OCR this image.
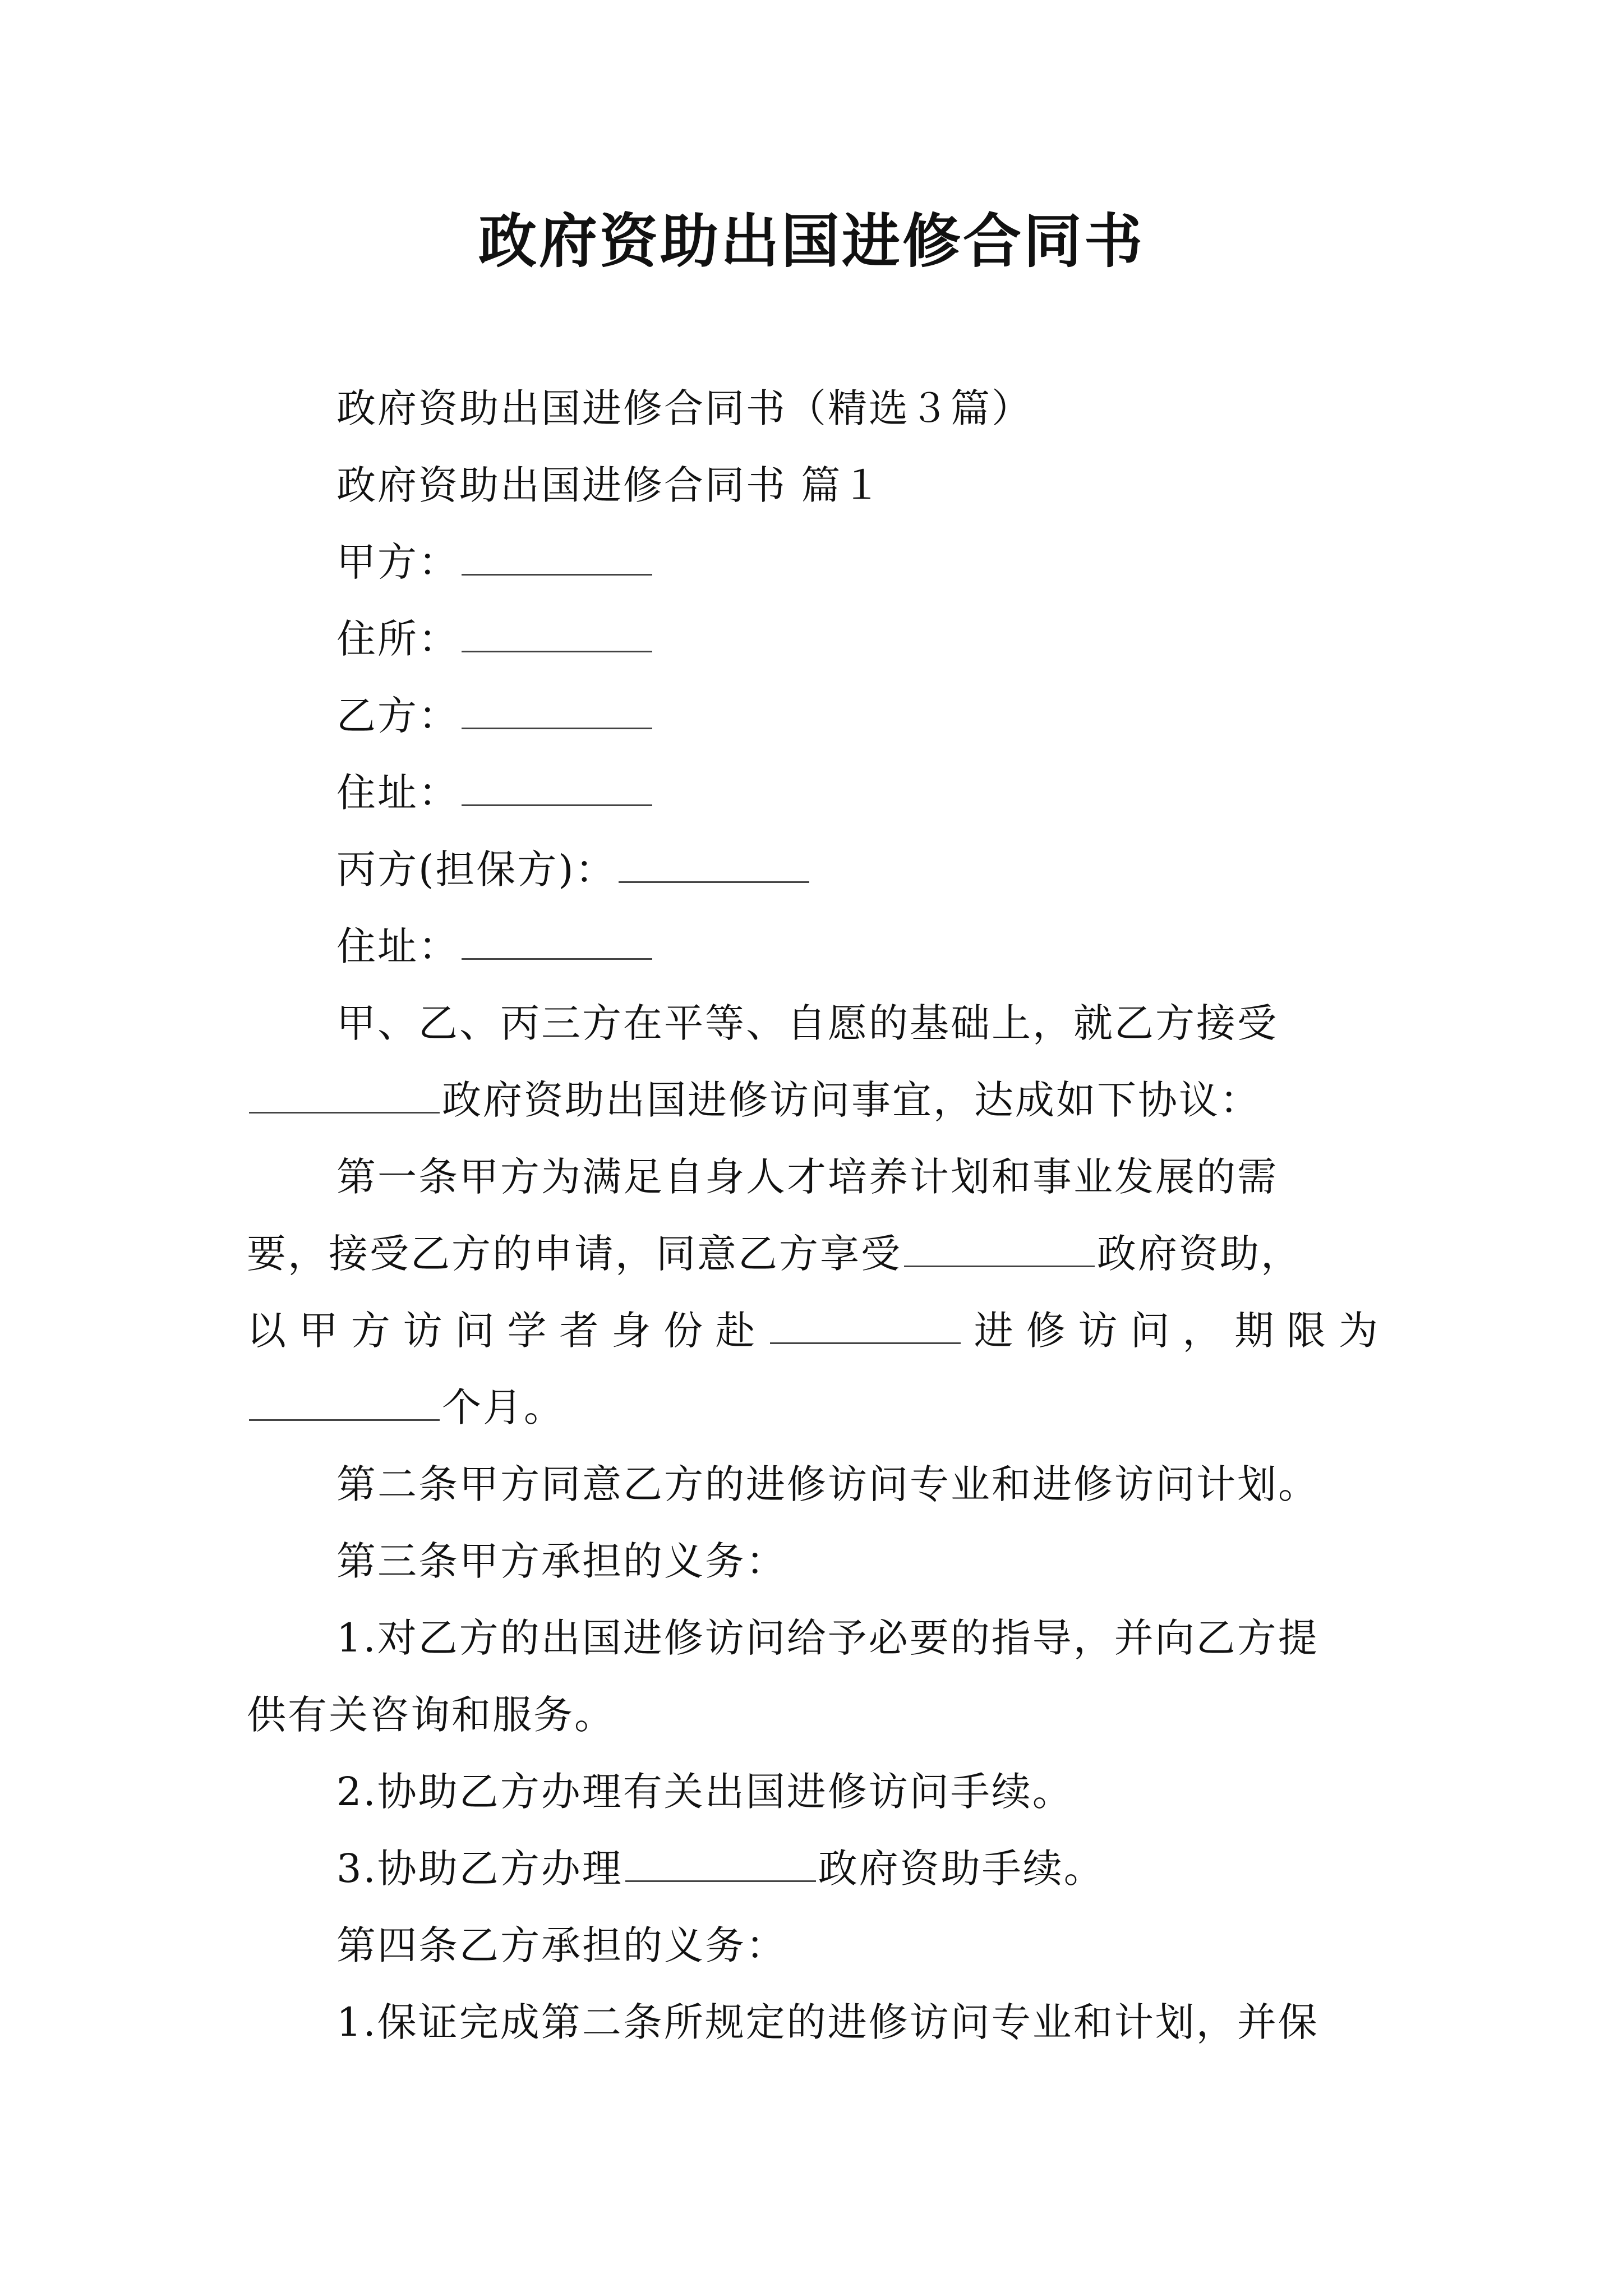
政府资助出国进修合同书

政府资助出国进修合同书（精选３篇）

政府资助出国进修合同书 篇１

甲方：

住所：

乙方：

住址：

丙方(担保方)：

住址：

甲、乙、丙三方在平等、自愿的基础上，就乙方接受

政府资助出国进修访问事宜，达成如下协议：

第一条甲方为满足自身人才培养计划和事业发展的需

要，接受乙方的申请，同意乙方享受	政府资助，

以甲方访问学者身份赴	进修访问，期限为

个月。

第二条甲方同意乙方的进修访问专业和进修访问计划。

第三条甲方承担的义务：

1.对乙方的出国进修访问给予必要的指导，并向乙方提

供有关咨询和服务。

2.协助乙方办理有关出国进修访问手续。

3.协助乙方办理	政府资助手续。

第四条乙方承担的义务：

1.保证完成第二条所规定的进修访问专业和计划，并保
